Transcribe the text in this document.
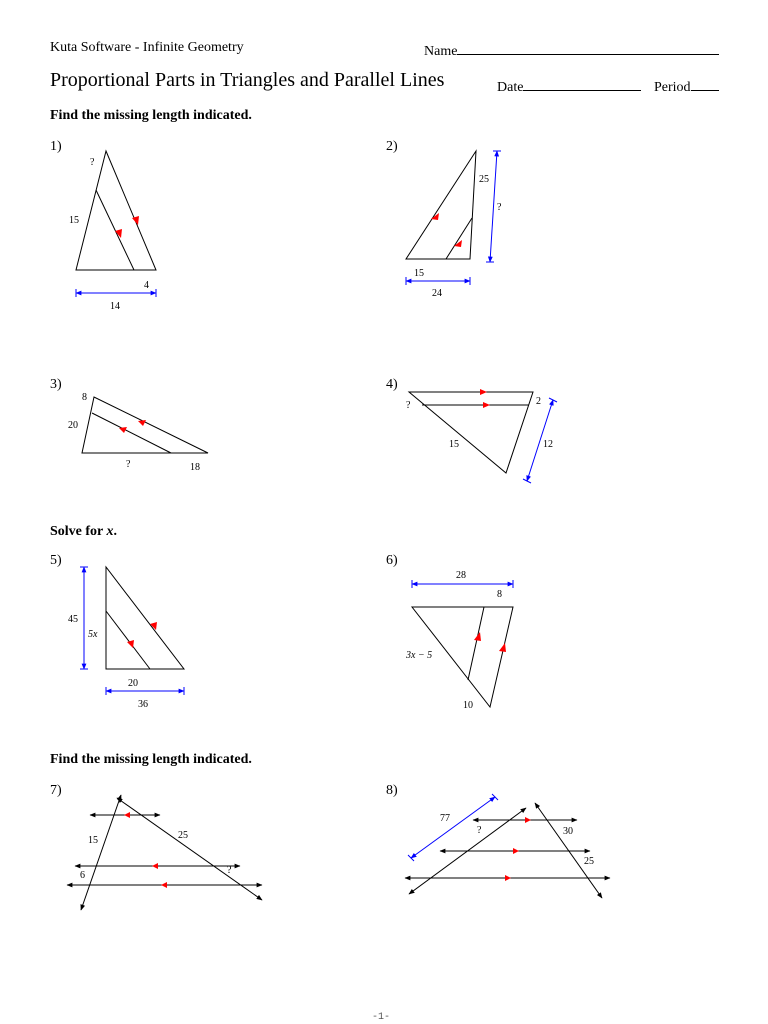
Kuta Software - Infinite Geometry	Name
Proportional Parts in Triangles and Parallel Lines	Date	Period
Find the missing length indicated.
Solve for x.
Find the missing length indicated.
1)	2)
3)	4)
5)	6)
7)	8)
?
15
4
14
25
?
15
24
8
20
?	18
?	2
15	12
45
5x
20
36
28
8
3x − 5
10
15	25
6	?
77
?	30
25
-1-
